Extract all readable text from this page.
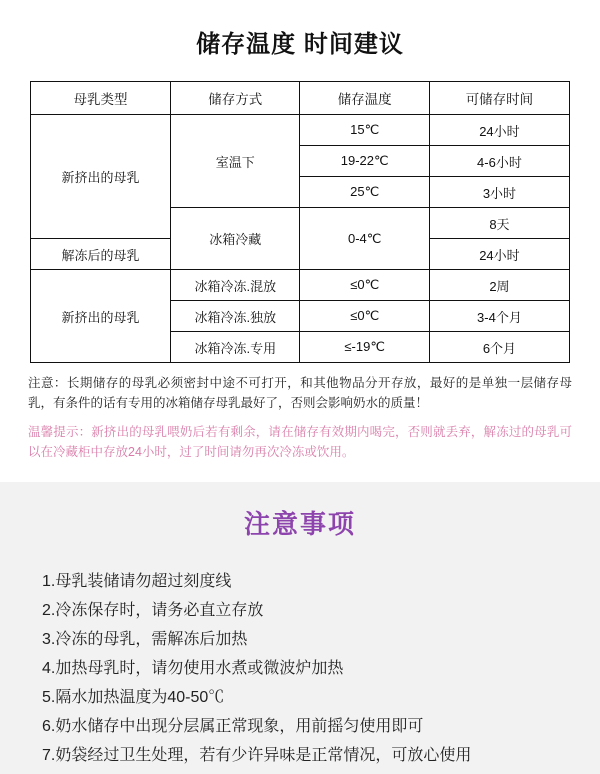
储存温度 时间建议
母乳类型	储存方式	储存温度	可储存时间
新挤出的母乳	室温下	15℃	24小时
		19-22℃	4-6小时
		25℃	3小时
	冰箱冷藏	0-4℃	8天
解冻后的母乳			24小时
新挤出的母乳	冰箱冷冻.混放	≤0℃	2周
	冰箱冷冻.独放	≤0℃	3-4个月
	冰箱冷冻.专用	≤-19℃	6个月
注意：长期储存的母乳必须密封中途不可打开，和其他物品分开存放，最好的是单独一层储存母乳，有条件的话有专用的冰箱储存母乳最好了，否则会影响奶水的质量！
温馨提示：新挤出的母乳喂奶后若有剩余，请在储存有效期内喝完，否则就丢弃，解冻过的母乳可以在冷藏柜中存放24小时，过了时间请勿再次冷冻或饮用。
注意事项
1.母乳装储请勿超过刻度线
2.冷冻保存时，请务必直立存放
3.冷冻的母乳，需解冻后加热
4.加热母乳时，请勿使用水煮或微波炉加热
5.隔水加热温度为40-50℃
6.奶水储存中出现分层属正常现象，用前摇匀使用即可
7.奶袋经过卫生处理，若有少许异味是正常情况，可放心使用
